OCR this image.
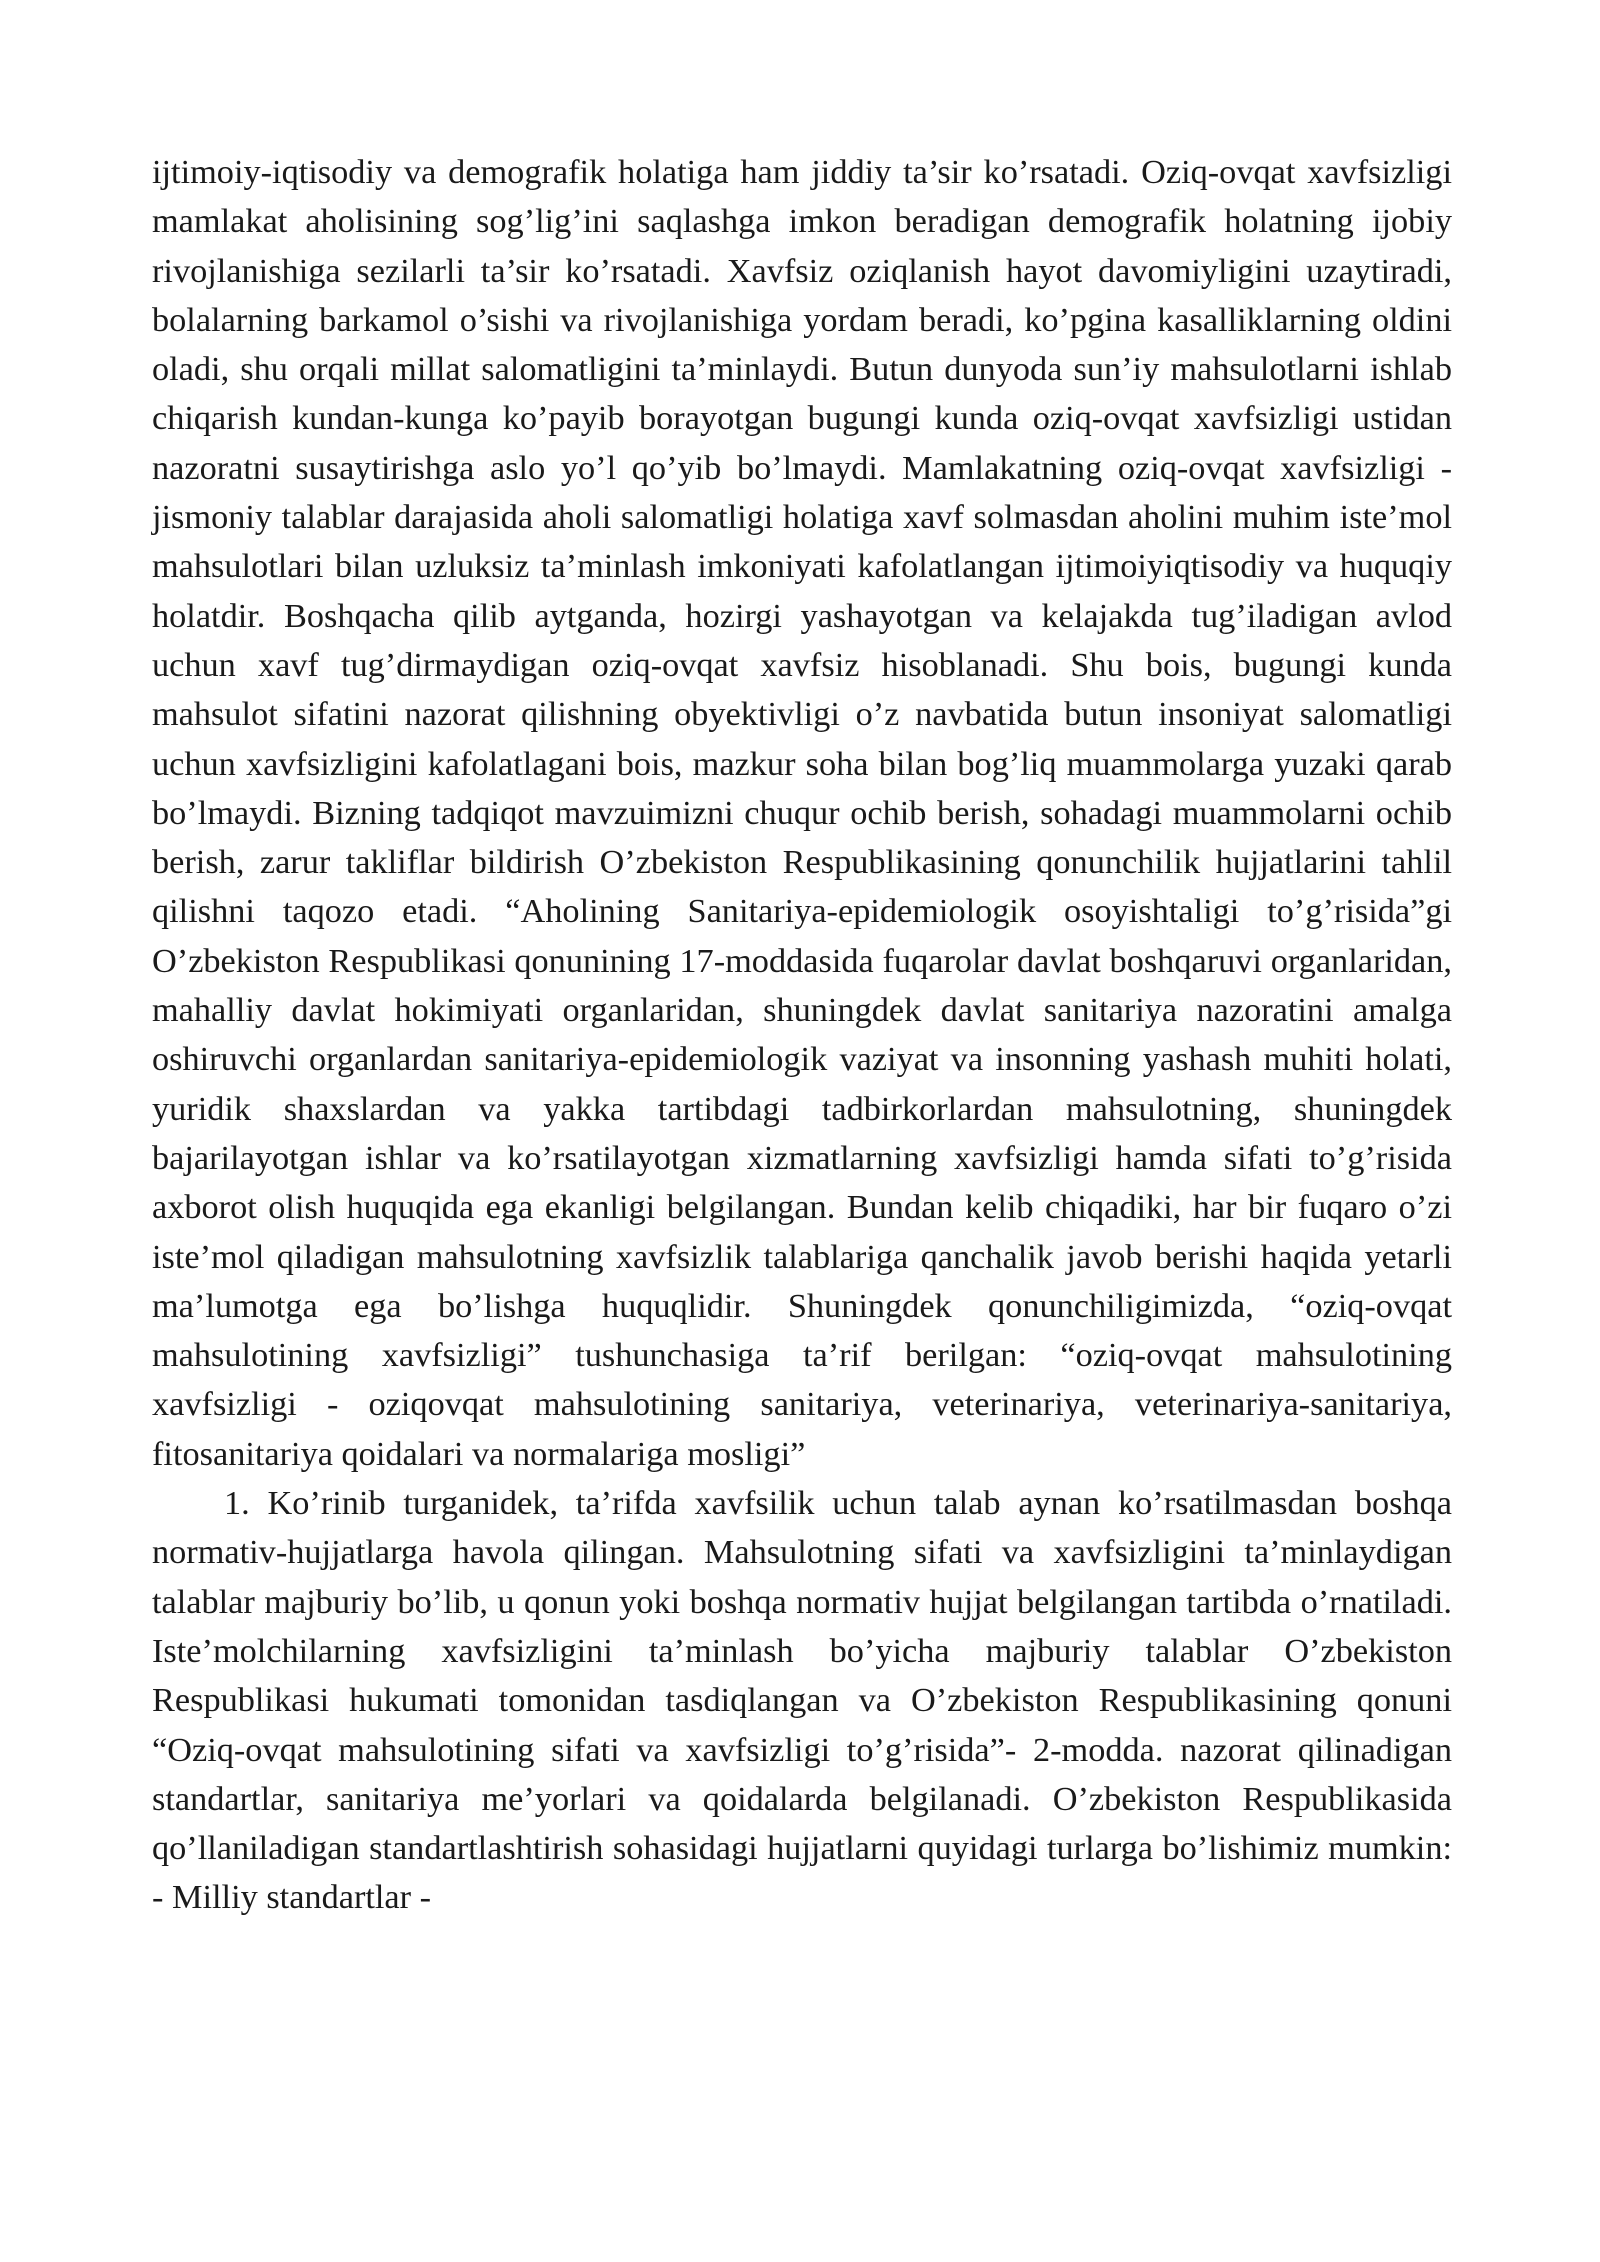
ijtimoiy-iqtisodiy va demografik holatiga ham jiddiy ta’sir ko’rsatadi. Oziq-ovqat xavfsizligi mamlakat aholisining sog’lig’ini saqlashga imkon beradigan demografik holatning ijobiy rivojlanishiga sezilarli ta’sir ko’rsatadi. Xavfsiz oziqlanish hayot davomiyligini uzaytiradi, bolalarning barkamol o’sishi va rivojlanishiga yordam beradi, ko’pgina kasalliklarning oldini oladi, shu orqali millat salomatligini ta’minlaydi. Butun dunyoda sun’iy mahsulotlarni ishlab chiqarish kundan-kunga ko’payib borayotgan bugungi kunda oziq-ovqat xavfsizligi ustidan nazoratni susaytirishga aslo yo’l qo’yib bo’lmaydi. Mamlakatning oziq-ovqat xavfsizligi - jismoniy talablar darajasida aholi salomatligi holatiga xavf solmasdan aholini muhim iste’mol mahsulotlari bilan uzluksiz ta’minlash imkoniyati kafolatlangan ijtimoiyiqtisodiy va huquqiy holatdir. Boshqacha qilib aytganda, hozirgi yashayotgan va kelajakda tug’iladigan avlod uchun xavf tug’dirmaydigan oziq-ovqat xavfsiz hisoblanadi. Shu bois, bugungi kunda mahsulot sifatini nazorat qilishning obyektivligi o’z navbatida butun insoniyat salomatligi uchun xavfsizligini kafolatlagani bois, mazkur soha bilan bog’liq muammolarga yuzaki qarab bo’lmaydi. Bizning tadqiqot mavzuimizni chuqur ochib berish, sohadagi muammolarni ochib berish, zarur takliflar bildirish O’zbekiston Respublikasining qonunchilik hujjatlarini tahlil qilishni taqozo etadi. “Aholining Sanitariya-epidemiologik osoyishtaligi to’g’risida”gi O’zbekiston Respublikasi qonunining 17-moddasida fuqarolar davlat boshqaruvi organlaridan, mahalliy davlat hokimiyati organlaridan, shuningdek davlat sanitariya nazoratini amalga oshiruvchi organlardan sanitariya-epidemiologik vaziyat va insonning yashash muhiti holati, yuridik shaxslardan va yakka tartibdagi tadbirkorlardan mahsulotning, shuningdek bajarilayotgan ishlar va ko’rsatilayotgan xizmatlarning xavfsizligi hamda sifati to’g’risida axborot olish huquqida ega ekanligi belgilangan. Bundan kelib chiqadiki, har bir fuqaro o’zi iste’mol qiladigan mahsulotning xavfsizlik talablariga qanchalik javob berishi haqida yetarli ma’lumotga ega bo’lishga huquqlidir. Shuningdek qonunchiligimizda, “oziq-ovqat mahsulotining xavfsizligi” tushunchasiga ta’rif berilgan: “oziq-ovqat mahsulotining xavfsizligi - oziqovqat mahsulotining sanitariya, veterinariya, veterinariya-sanitariya, fitosanitariya qoidalari va normalariga mosligi”

1. Ko’rinib turganidek, ta’rifda xavfsilik uchun talab aynan ko’rsatilmasdan boshqa normativ-hujjatlarga havola qilingan. Mahsulotning sifati va xavfsizligini ta’minlaydigan talablar majburiy bo’lib, u qonun yoki boshqa normativ hujjat belgilangan tartibda o’rnatiladi. Iste’molchilarning xavfsizligini ta’minlash bo’yicha majburiy talablar O’zbekiston Respublikasi hukumati tomonidan tasdiqlangan va O’zbekiston Respublikasining qonuni “Oziq-ovqat mahsulotining sifati va xavfsizligi to’g’risida”- 2-modda. nazorat qilinadigan standartlar, sanitariya me’yorlari va qoidalarda belgilanadi. O’zbekiston Respublikasida qo’llaniladigan standartlashtirish sohasidagi hujjatlarni quyidagi turlarga bo’lishimiz mumkin: - Milliy standartlar -
